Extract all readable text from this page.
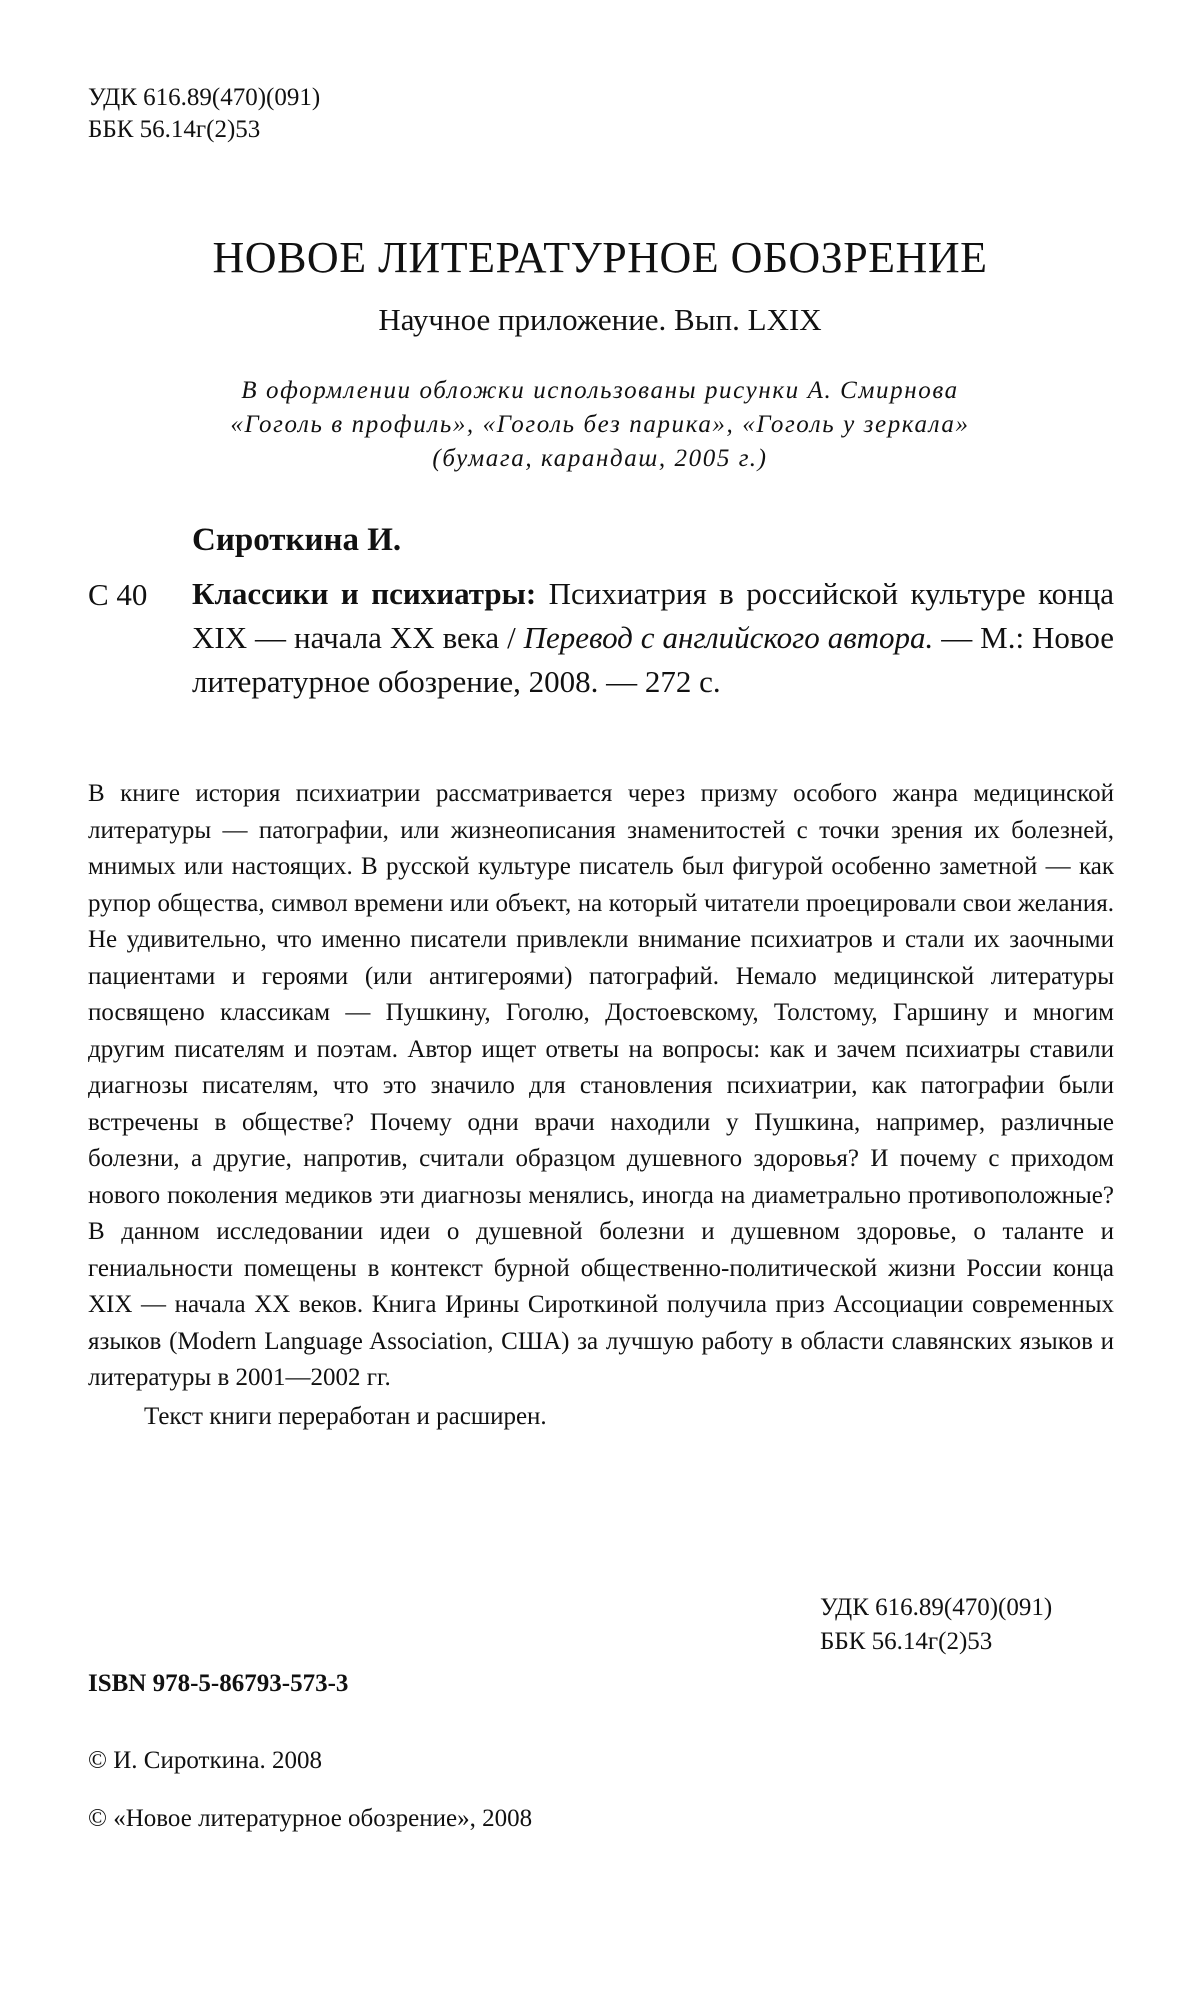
УДК 616.89(470)(091)
ББК 56.14г(2)53
НОВОЕ ЛИТЕРАТУРНОЕ ОБОЗРЕНИЕ
Научное приложение. Вып. LXIX
В оформлении обложки использованы рисунки А. Смирнова
«Гоголь в профиль», «Гоголь без парика», «Гоголь у зеркала»
(бумага, карандаш, 2005 г.)
Сироткина И.
С 40 Классики и психиатры: Психиатрия в российской культуре конца XIX — начала XX века / Перевод с английского автора. — М.: Новое литературное обозрение, 2008. — 272 с.

В книге история психиатрии рассматривается через призму особого жанра медицинской литературы — патографии, или жизнеописания знаменитостей с точки зрения их болезней, мнимых или настоящих. В русской культуре писатель был фигурой особенно заметной — как рупор общества, символ времени или объект, на который читатели проецировали свои желания. Не удивительно, что именно писатели привлекли внимание психиатров и стали их заочными пациентами и героями (или антигероями) патографий. Немало медицинской литературы посвящено классикам — Пушкину, Гоголю, Достоевскому, Толстому, Гаршину и многим другим писателям и поэтам. Автор ищет ответы на вопросы: как и зачем психиатры ставили диагнозы писателям, что это значило для становления психиатрии, как патографии были встречены в обществе? Почему одни врачи находили у Пушкина, например, различные болезни, а другие, напротив, считали образцом душевного здоровья? И почему с приходом нового поколения медиков эти диагнозы менялись, иногда на диаметрально противоположные? В данном исследовании идеи о душевной болезни и душевном здоровье, о таланте и гениальности помещены в контекст бурной общественно-политической жизни России конца XIX — начала XX веков. Книга Ирины Сироткиной получила приз Ассоциации современных языков (Modern Language Association, США) за лучшую работу в области славянских языков и литературы в 2001—2002 гг.

Текст книги переработан и расширен.

УДК 616.89(470)(091)
ББК 56.14г(2)53
ISBN 978-5-86793-573-3
© И. Сироткина. 2008
© «Новое литературное обозрение», 2008
